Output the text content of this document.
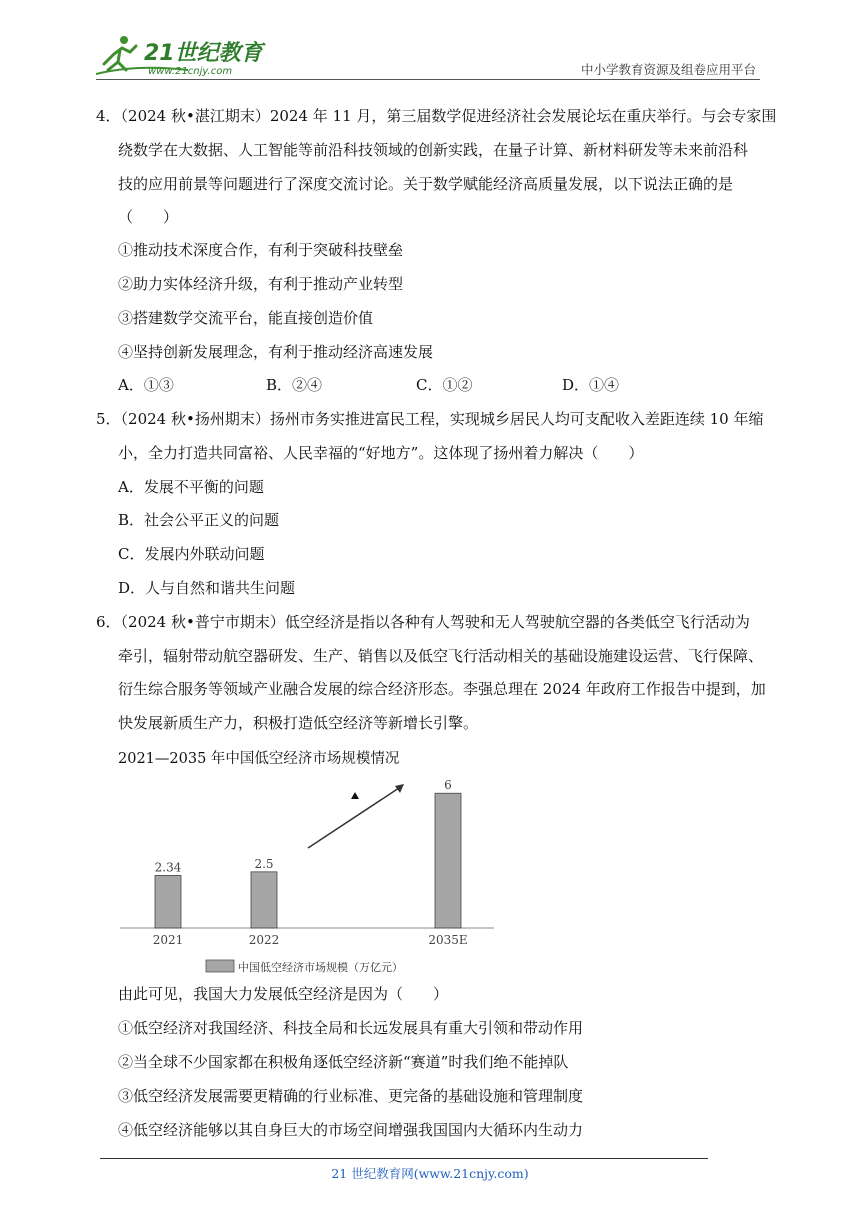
21世纪教育
www.21cnjy.com	中小学教育资源及组卷应用平台
4．（2024 秋•湛江期末）2024 年 11 月，第三届数学促进经济社会发展论坛在重庆举行。与会专家围
绕数学在大数据、人工智能等前沿科技领域的创新实践，在量子计算、新材料研发等未来前沿科
技的应用前景等问题进行了深度交流讨论。关于数学赋能经济高质量发展，以下说法正确的是
（　　）
①推动技术深度合作，有利于突破科技壁垒
②助力实体经济升级，有利于推动产业转型
③搭建数学交流平台，能直接创造价值
④坚持创新发展理念，有利于推动经济高速发展
A．①③	B．②④	C．①②	D．①④
5．（2024 秋•扬州期末）扬州市务实推进富民工程，实现城乡居民人均可支配收入差距连续 10 年缩
小，全力打造共同富裕、人民幸福的“好地方”。这体现了扬州着力解决（　　）
A．发展不平衡的问题
B．社会公平正义的问题
C．发展内外联动问题
D．人与自然和谐共生问题
6．（2024 秋•普宁市期末）低空经济是指以各种有人驾驶和无人驾驶航空器的各类低空飞行活动为
牵引，辐射带动航空器研发、生产、销售以及低空飞行活动相关的基础设施建设运营、飞行保障、
衍生综合服务等领域产业融合发展的综合经济形态。李强总理在 2024 年政府工作报告中提到，加
快发展新质生产力，积极打造低空经济等新增长引擎。
2021—2035 年中国低空经济市场规模情况
2.34
2021
2.5
2022
6
2035E
中国低空经济市场规模（万亿元）
由此可见，我国大力发展低空经济是因为（　　）
①低空经济对我国经济、科技全局和长远发展具有重大引领和带动作用
②当全球不少国家都在积极角逐低空经济新“赛道”时我们绝不能掉队
③低空经济发展需要更精确的行业标准、更完备的基础设施和管理制度
④低空经济能够以其自身巨大的市场空间增强我国国内大循环内生动力
21 世纪教育网(www.21cnjy.com)
